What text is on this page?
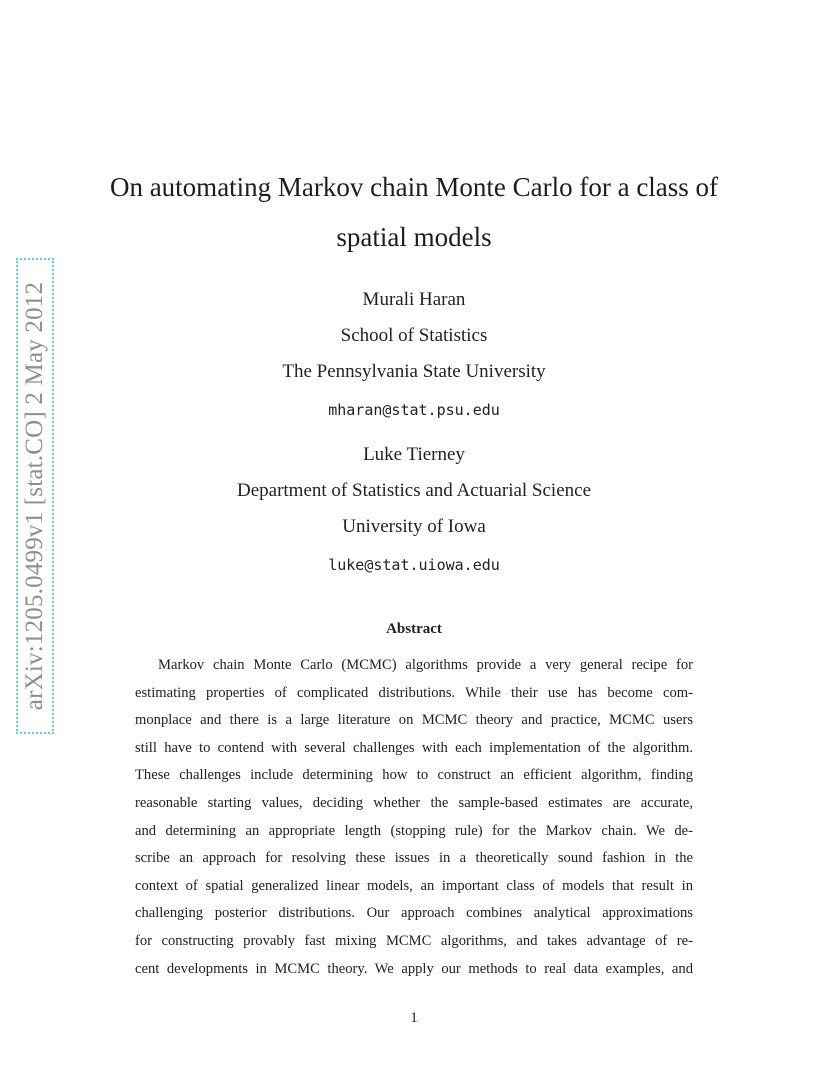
arXiv:1205.0499v1 [stat.CO] 2 May 2012
On automating Markov chain Monte Carlo for a class of
spatial models
Murali Haran
School of Statistics
The Pennsylvania State University
mharan@stat.psu.edu
Luke Tierney
Department of Statistics and Actuarial Science
University of Iowa
luke@stat.uiowa.edu
Abstract
Markov chain Monte Carlo (MCMC) algorithms provide a very general recipe for
estimating properties of complicated distributions. While their use has become com-
monplace and there is a large literature on MCMC theory and practice, MCMC users
still have to contend with several challenges with each implementation of the algorithm.
These challenges include determining how to construct an efficient algorithm, finding
reasonable starting values, deciding whether the sample-based estimates are accurate,
and determining an appropriate length (stopping rule) for the Markov chain. We de-
scribe an approach for resolving these issues in a theoretically sound fashion in the
context of spatial generalized linear models, an important class of models that result in
challenging posterior distributions. Our approach combines analytical approximations
for constructing provably fast mixing MCMC algorithms, and takes advantage of re-
cent developments in MCMC theory. We apply our methods to real data examples, and
1
